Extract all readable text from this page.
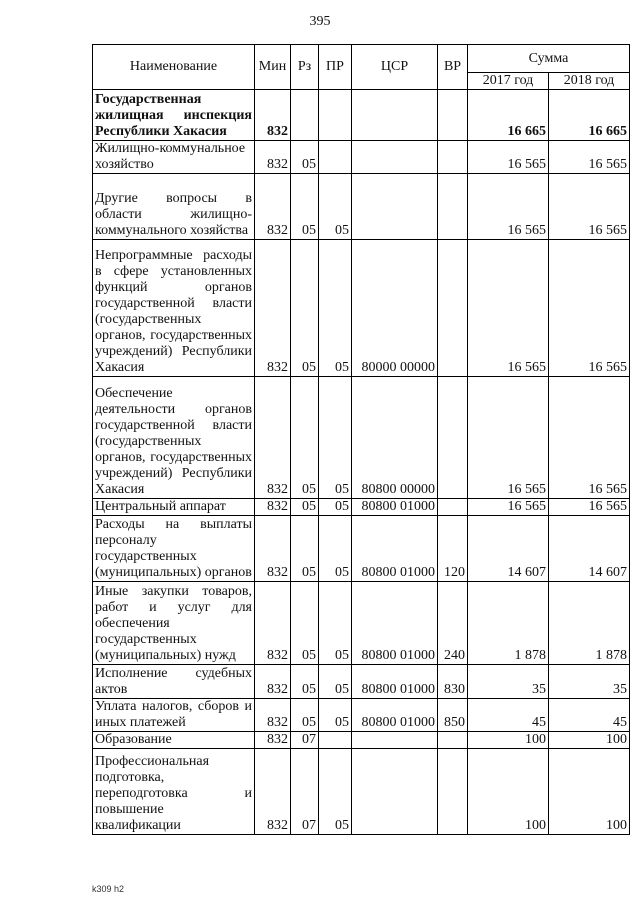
395
Наименование	Мин	Рз	ПР	ЦСР	ВР	Сумма	
						2017 год	2018 год
Государственная жилищная инспекция Республики Хакасия	832					16 665	16 665
Жилищно-коммунальное хозяйство	832	05				16 565	16 565
Другие вопросы в области жилищно-коммунального хозяйства	832	05	05			16 565	16 565
Непрограммные расходы в сфере установленных функций органов государственной власти (государственных органов, государственных учреждений) Республики Хакасия	832	05	05	80000 00000		16 565	16 565
Обеспечение деятельности органов государственной власти (государственных органов, государственных учреждений) Республики Хакасия	832	05	05	80800 00000		16 565	16 565
Центральный аппарат	832	05	05	80800 01000		16 565	16 565
Расходы на выплаты персоналу государственных (муниципальных) органов	832	05	05	80800 01000	120	14 607	14 607
Иные закупки товаров, работ и услуг для обеспечения государственных (муниципальных) нужд	832	05	05	80800 01000	240	1 878	1 878
Исполнение судебных актов	832	05	05	80800 01000	830	35	35
Уплата налогов, сборов и иных платежей	832	05	05	80800 01000	850	45	45
Образование	832	07				100	100
Профессиональная подготовка, переподготовка и повышение квалификации	832	07	05			100	100
k309 h2
